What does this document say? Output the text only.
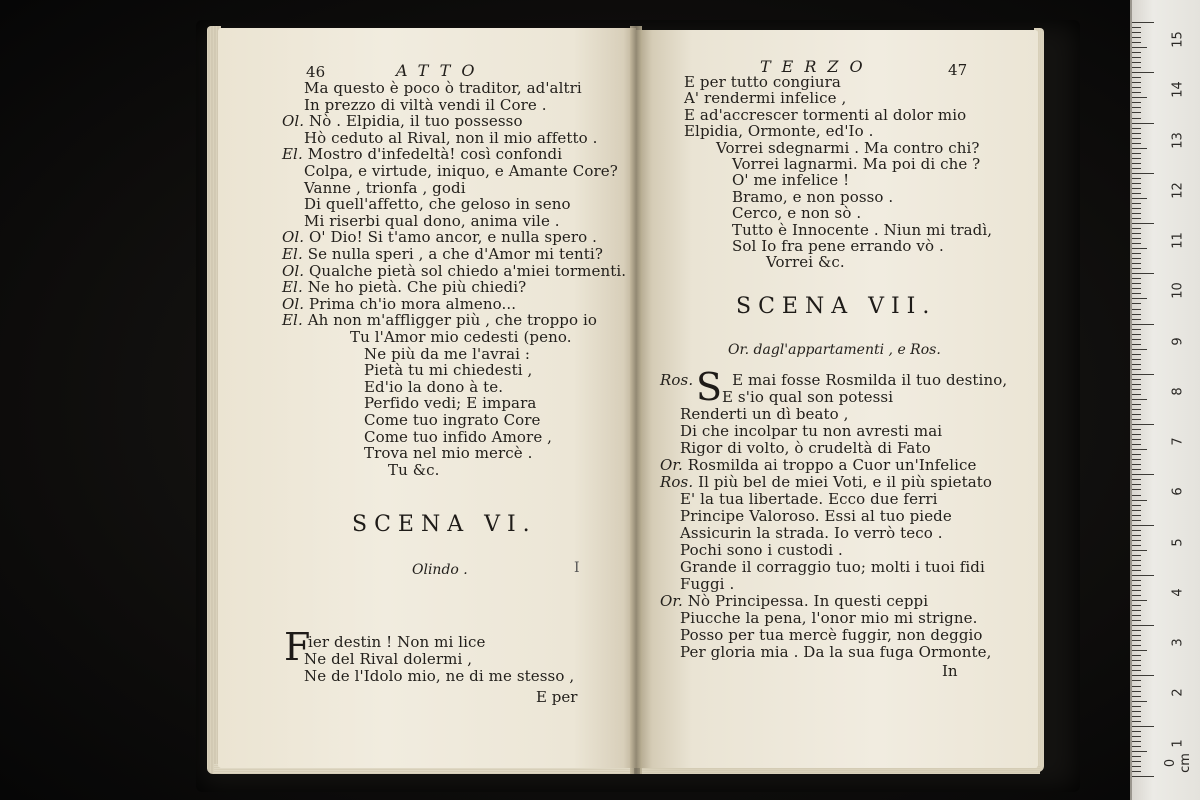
46	ATTO
Ma questo è poco ò traditor, ad'altri
In prezzo di viltà vendi il Core .
Ol. Nò . Elpidia, il tuo possesso
Hò ceduto al Rival, non il mio affetto .
El. Mostro d'infedeltà! così confondi
Colpa, e virtude, iniquo, e Amante Core?
Vanne , trionfa , godi
Di quell'affetto, che geloso in seno
Mi riserbi qual dono, anima vile .
Ol. O' Dio! Si t'amo ancor, e nulla spero .
El. Se nulla speri , a che d'Amor mi tenti?
Ol. Qualche pietà sol chiedo a'miei tormenti.
El. Ne ho pietà. Che più chiedi?
Ol. Prima ch'io mora almeno...
El. Ah non m'affligger più , che troppo io
Tu l'Amor mio cedesti (peno.
Ne più da me l'avrai :
Pietà tu mi chiedesti ,
Ed'io la dono à te.
Perfido vedi; E impara
Come tuo ingrato Core
Come tuo infido Amore ,
Trova nel mio mercè .
Tu &c.
SCENA VI.
Olindo .	I
F
ier destin ! Non mi lice
Ne del Rival dolermi ,
Ne de l'Idolo mio, ne di me stesso ,
E per
TERZO	47
E per tutto congiura
A' rendermi infelice ,
E ad'accrescer tormenti al dolor mio
Elpidia, Ormonte, ed'Io .
Vorrei sdegnarmi . Ma contro chi?
Vorrei lagnarmi. Ma poi di che ?
O' me infelice !
Bramo, e non posso .
Cerco, e non sò .
Tutto è Innocente . Niun mi tradì,
Sol Io fra pene errando vò .
Vorrei &c.
SCENA VII.
Or. dagl'appartamenti , e Ros.
S
Ros. E mai fosse Rosmilda il tuo destino,
E s'io qual son potessi
Renderti un dì beato ,
Di che incolpar tu non avresti mai
Rigor di volto, ò crudeltà di Fato
Or. Rosmilda ai troppo a Cuor un'Infelice
Ros. Il più bel de miei Voti, e il più spietato
E' la tua libertade. Ecco due ferri
Principe Valoroso. Essi al tuo piede
Assicurin la strada. Io verrò teco .
Pochi sono i custodi .
Grande il corraggio tuo; molti i tuoi fidi
Fuggi .
Or. Nò Principessa. In questi ceppi
Piucche la pena, l'onor mio mi strigne.
Posso per tua mercè fuggir, non deggio
Per gloria mia . Da la sua fuga Ormonte,
In
15
14
13
12
11
10
9
8
7
6
5
4
3
2
1
0 cm
